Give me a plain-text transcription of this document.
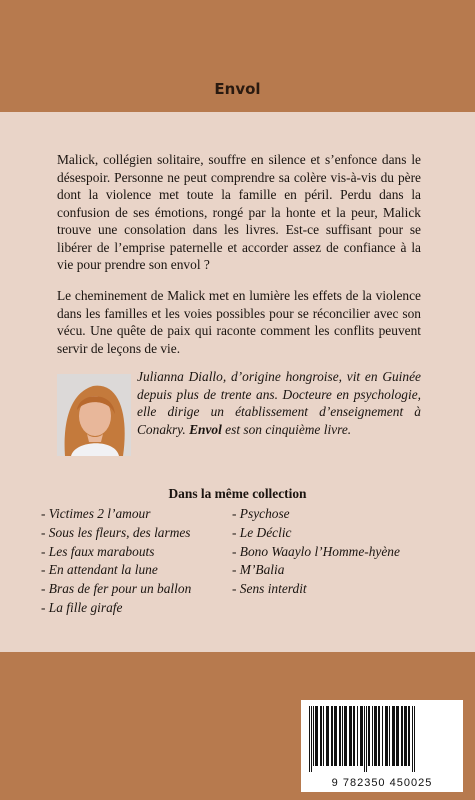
Envol

Malick, collégien solitaire, souffre en silence et s’enfonce dans le désespoir. Personne ne peut comprendre sa colère vis-à-vis du père dont la violence met toute la famille en péril. Perdu dans la confusion de ses émotions, rongé par la honte et la peur, Malick trouve une consolation dans les livres. Est-ce suffisant pour se libérer de l’emprise paternelle et accorder assez de confiance à la vie pour prendre son envol ?

Le cheminement de Malick met en lumière les effets de la violence dans les familles et les voies possibles pour se réconcilier avec son vécu. Une quête de paix qui raconte comment les conflits peuvent servir de leçons de vie.

Julianna Diallo, d’origine hongroise, vit en Guinée depuis plus de trente ans. Docteure en psychologie, elle dirige un établissement d’enseignement à Conakry. Envol est son cinquième livre.

Dans la même collection
- Victimes 2 l’amour
- Sous les fleurs, des larmes
- Les faux marabouts
- En attendant la lune
- Bras de fer pour un ballon
- La fille girafe
- Psychose
- Le Déclic
- Bono Waaylo l’Homme-hyène
- M’Balia
- Sens interdit
9 782350 450025
